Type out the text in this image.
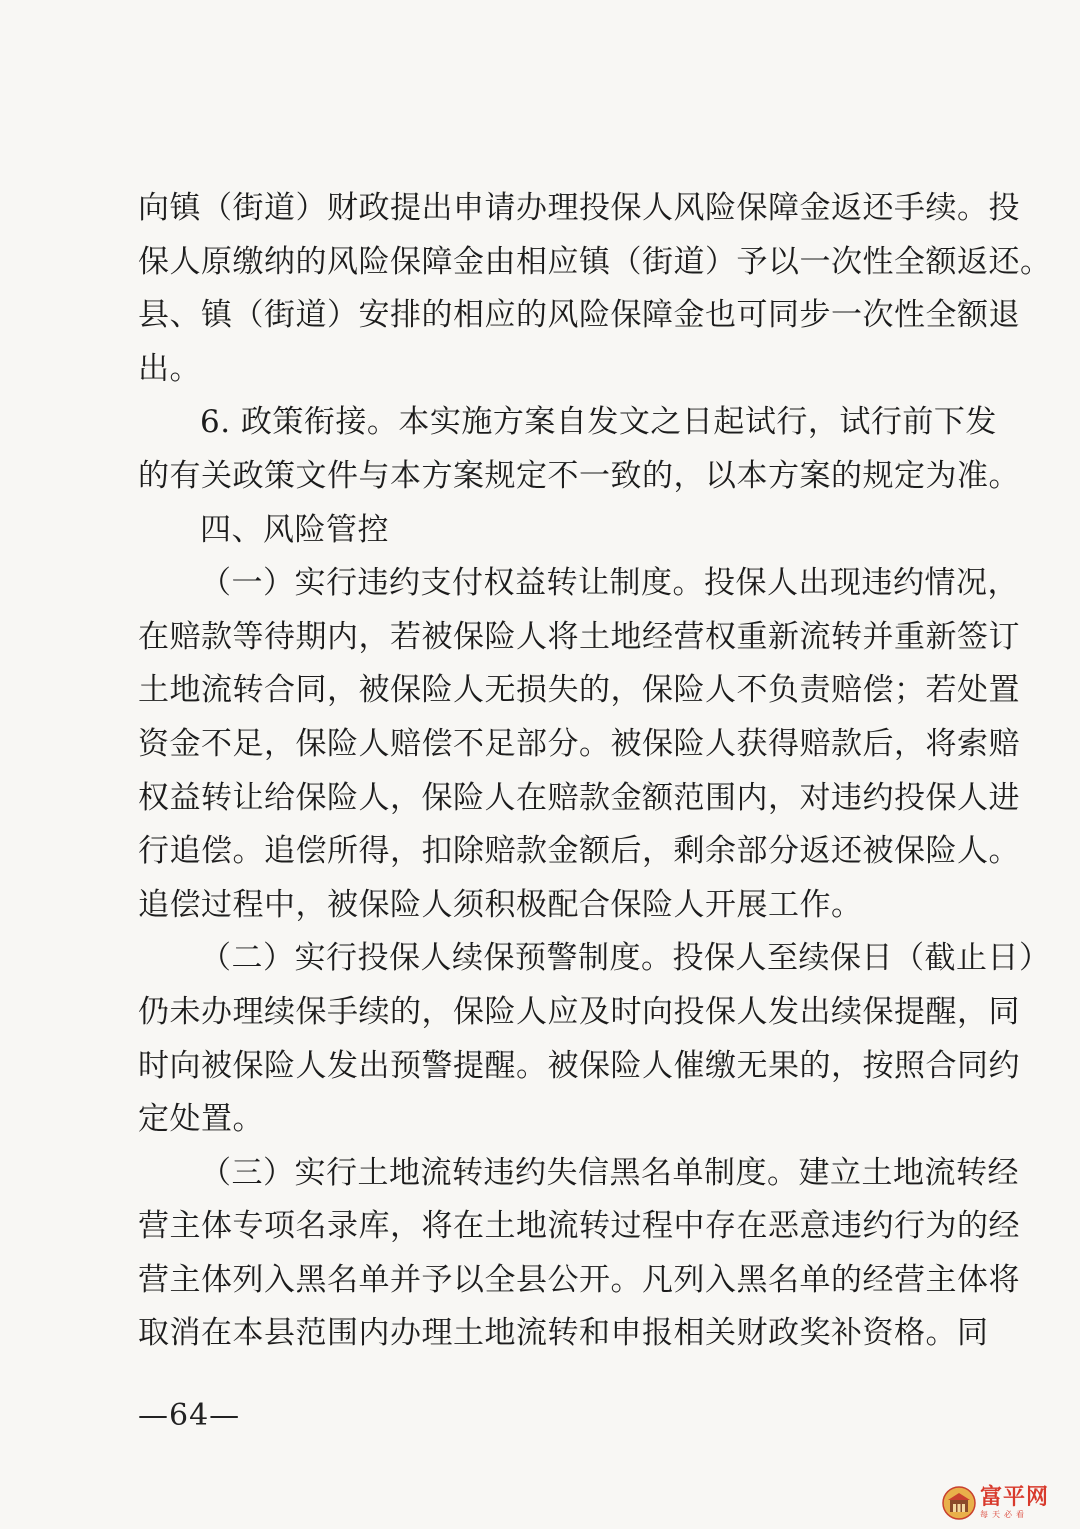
向镇（街道）财政提出申请办理投保人风险保障金返还手续。投
保人原缴纳的风险保障金由相应镇（街道）予以一次性全额返还。
县、镇（街道）安排的相应的风险保障金也可同步一次性全额退
出。
6. 政策衔接。本实施方案自发文之日起试行，试行前下发
的有关政策文件与本方案规定不一致的，以本方案的规定为准。
四、风险管控
（一）实行违约支付权益转让制度。投保人出现违约情况，
在赔款等待期内，若被保险人将土地经营权重新流转并重新签订
土地流转合同，被保险人无损失的，保险人不负责赔偿；若处置
资金不足，保险人赔偿不足部分。被保险人获得赔款后，将索赔
权益转让给保险人，保险人在赔款金额范围内，对违约投保人进
行追偿。追偿所得，扣除赔款金额后，剩余部分返还被保险人。
追偿过程中，被保险人须积极配合保险人开展工作。
（二）实行投保人续保预警制度。投保人至续保日（截止日）
仍未办理续保手续的，保险人应及时向投保人发出续保提醒，同
时向被保险人发出预警提醒。被保险人催缴无果的，按照合同约
定处置。
（三）实行土地流转违约失信黑名单制度。建立土地流转经
营主体专项名录库，将在土地流转过程中存在恶意违约行为的经
营主体列入黑名单并予以全县公开。凡列入黑名单的经营主体将
取消在本县范围内办理土地流转和申报相关财政奖补资格。同
—64—
富平网
每天必看
